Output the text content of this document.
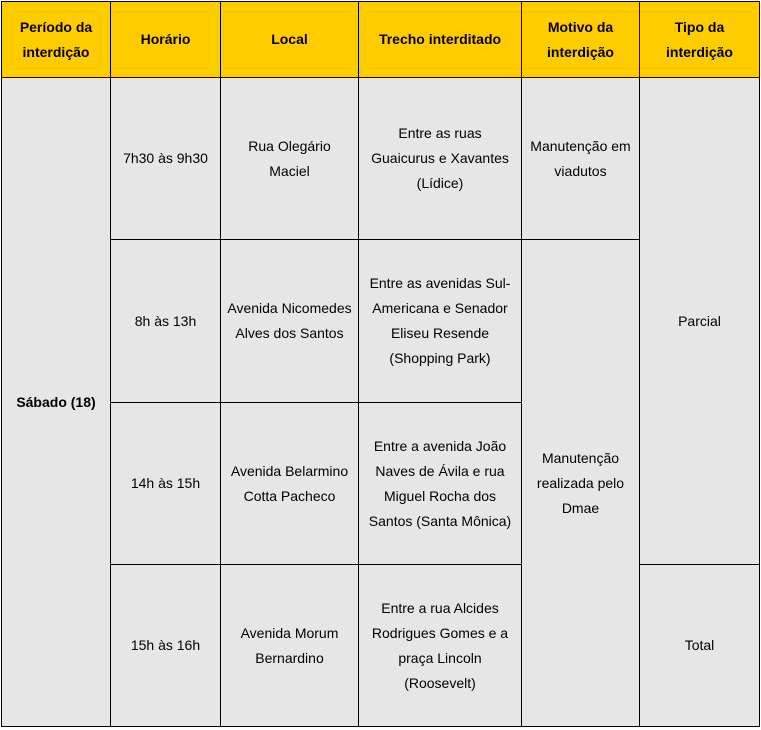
Período da interdição	Horário	Local	Trecho interditado	Motivo da interdição	Tipo da interdição
Sábado (18)	7h30 às 9h30	Rua Olegário Maciel	Entre as ruas Guaicurus e Xavantes (Lídice)	Manutenção em viadutos	Parcial
	8h às 13h	Avenida Nicomedes Alves dos Santos	Entre as avenidas Sul-Americana e Senador Eliseu Resende (Shopping Park)	Manutenção realizada pelo Dmae	
	14h às 15h	Avenida Belarmino Cotta Pacheco	Entre a avenida João Naves de Ávila e rua Miguel Rocha dos Santos (Santa Mônica)		
	15h às 16h	Avenida Morum Bernardino	Entre a rua Alcides Rodrigues Gomes e a praça Lincoln (Roosevelt)		Total
